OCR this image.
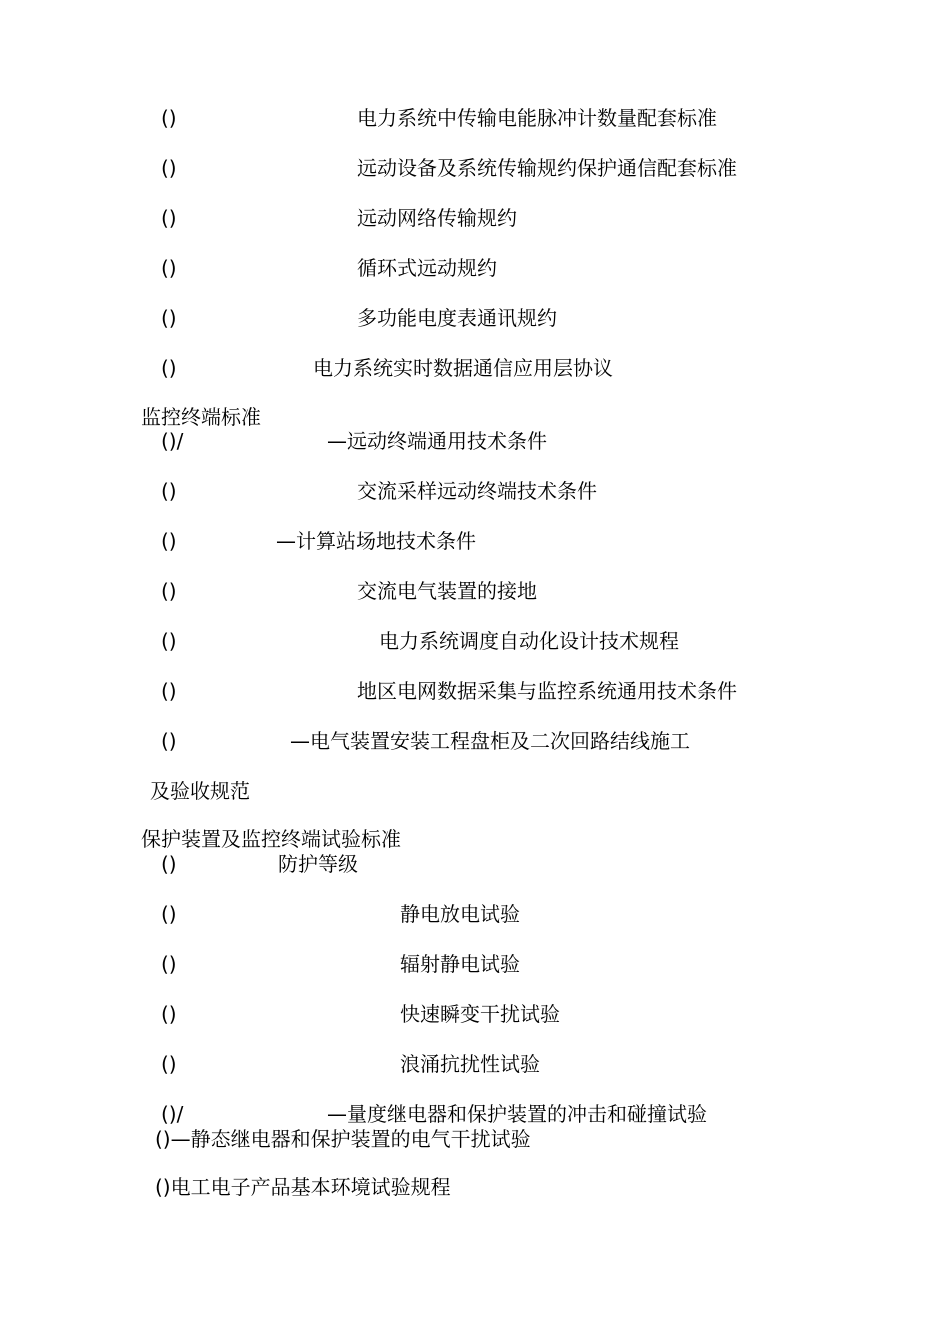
()	电力系统中传输电能脉冲计数量配套标准
()	远动设备及系统传输规约保护通信配套标准
()	远动网络传输规约
()	循环式远动规约
()	多功能电度表通讯规约
()	电力系统实时数据通信应用层协议
监控终端标准
()/	—远动终端通用技术条件
()	交流采样远动终端技术条件
()	—计算站场地技术条件
()	交流电气装置的接地
()	电力系统调度自动化设计技术规程
()	地区电网数据采集与监控系统通用技术条件
()	—电气装置安装工程盘柜及二次回路结线施工
及验收规范
保护装置及监控终端试验标准
()	防护等级
()	静电放电试验
()	辐射静电试验
()	快速瞬变干扰试验
()	浪涌抗扰性试验
()/	—量度继电器和保护装置的冲击和碰撞试验
()—静态继电器和保护装置的电气干扰试验
()电工电子产品基本环境试验规程
